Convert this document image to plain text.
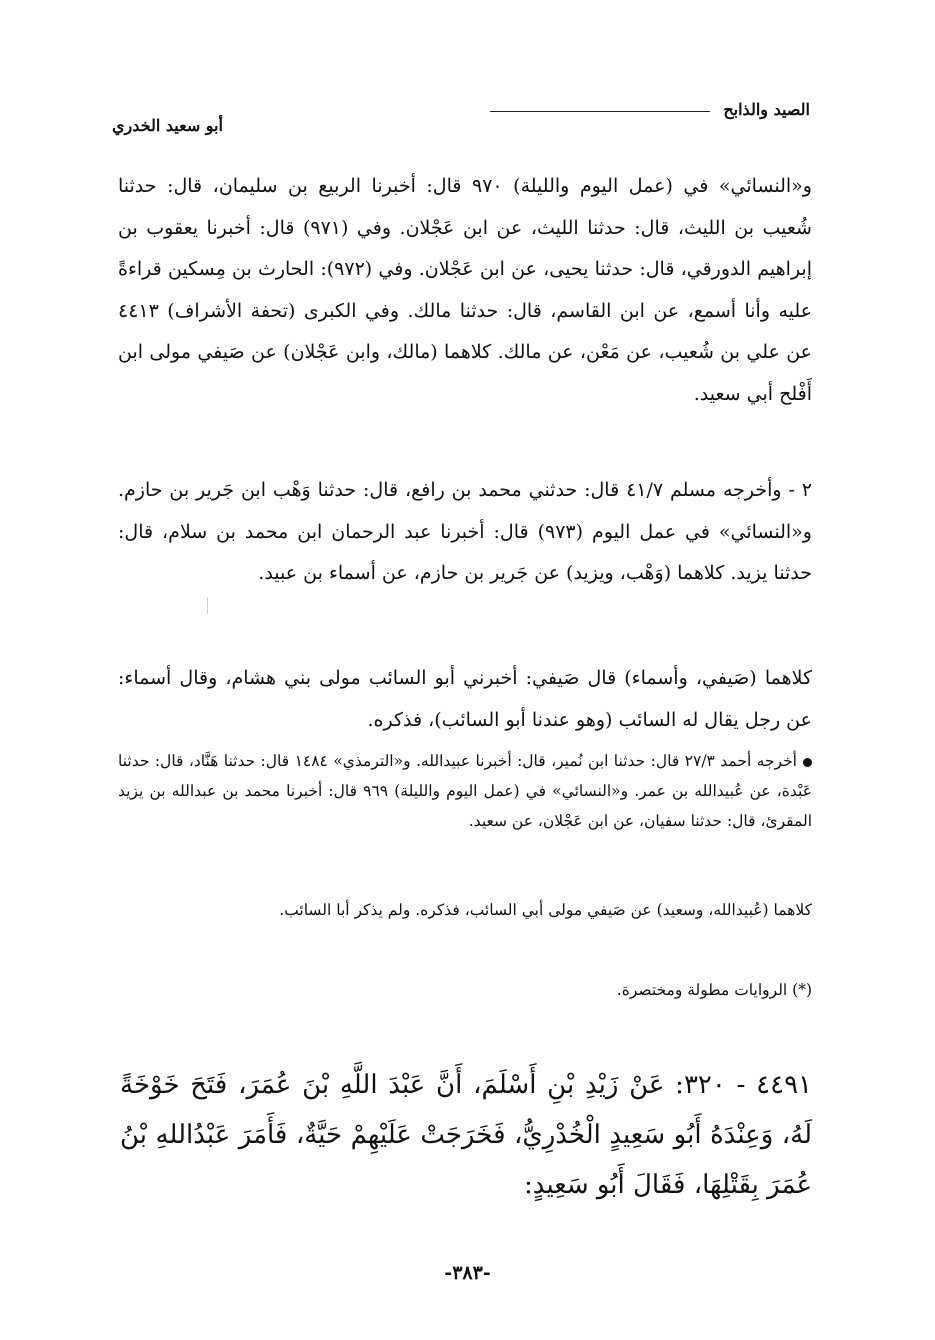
الصيد والذابح
أبو سعيد الخدري

و«النسائي» في (عمل اليوم والليلة) ٩٧٠ قال: أخبرنا الربيع بن سليمان، قال: حدثنا شُعيب بن الليث، قال: حدثنا الليث، عن ابن عَجْلان. وفي (٩٧١) قال: أخبرنا يعقوب بن إبراهيم الدورقي، قال: حدثنا يحيى، عن ابن عَجْلان. وفي (٩٧٢): الحارث بن مِسكين قراءةً عليه وأنا أسمع، عن ابن القاسم، قال: حدثنا مالك. وفي الكبرى (تحفة الأشراف) ٤٤١٣ عن علي بن شُعيب، عن مَعْن، عن مالك. كلاهما (مالك، وابن عَجْلان) عن صَيفي مولى ابن أَفْلح أبي سعيد.

٢ - وأخرجه مسلم ٤١/٧ قال: حدثني محمد بن رافع، قال: حدثنا وَهْب ابن جَرير بن حازم. و«النسائي» في عمل اليوم (٩٧٣) قال: أخبرنا عبد الرحمان ابن محمد بن سلام، قال: حدثنا يزيد. كلاهما (وَهْب، ويزيد) عن جَرير بن حازم، عن أسماء بن عبيد.

كلاهما (صَيفي، وأسماء) قال صَيفي: أخبرني أبو السائب مولى بني هشام، وقال أسماء: عن رجل يقال له السائب (وهو عندنا أبو السائب)، فذكره.

أخرجه أحمد ٢٧/٣ قال: حدثنا ابن نُمير، قال: أخبرنا عبيدالله. و«الترمذي» ١٤٨٤ قال: حدثنا هَنَّاد، قال: حدثنا عَبْدة، عن عُبيدالله بن عمر. و«النسائي» في (عمل اليوم والليلة) ٩٦٩ قال: أخبرنا محمد بن عبدالله بن يزيد المقرئ، قال: حدثنا سفيان، عن ابن عَجْلان، عن سعيد.

كلاهما (عُبيدالله، وسعيد) عن صَيفي مولى أبي السائب، فذكره. ولم يذكر أبا السائب.

(*) الروايات مطولة ومختصرة.

٤٤٩١ - ٣٢٠: عَنْ زَيْدِ بْنِ أَسْلَمَ، أَنَّ عَبْدَ اللَّهِ بْنَ عُمَرَ، فَتَحَ خَوْخَةً لَهُ، وَعِنْدَهُ أَبُو سَعِيدٍ الْخُدْرِيُّ، فَخَرَجَتْ عَلَيْهِمْ حَيَّةٌ، فَأَمَرَ عَبْدُاللهِ بْنُ عُمَرَ بِقَتْلِهَا، فَقَالَ أَبُو سَعِيدٍ:

-٣٨٣-
